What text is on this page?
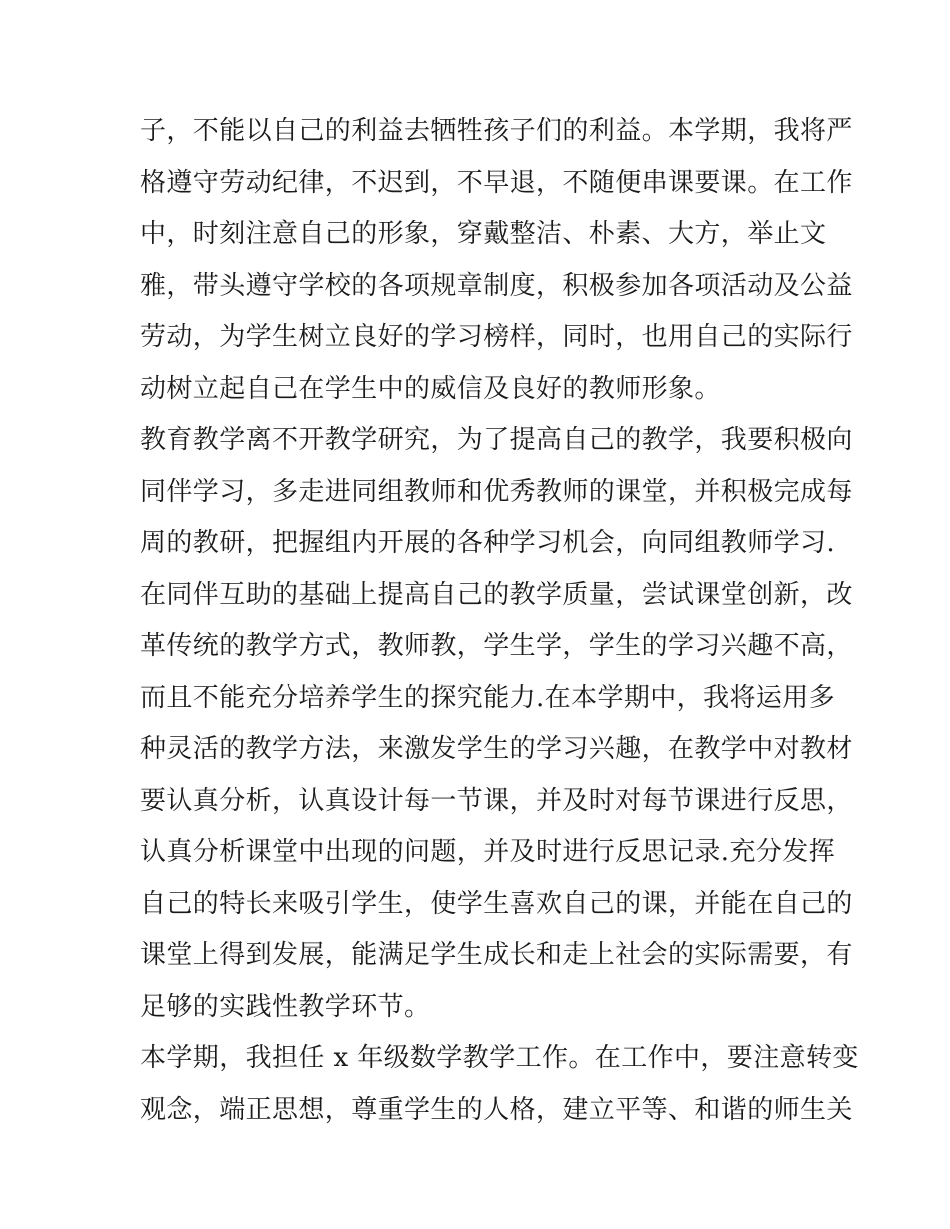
子，不能以自己的利益去牺牲孩子们的利益。本学期，我将严
格遵守劳动纪律，不迟到，不早退，不随便串课要课。在工作
中，时刻注意自己的形象，穿戴整洁、朴素、大方，举止文
雅，带头遵守学校的各项规章制度，积极参加各项活动及公益
劳动，为学生树立良好的学习榜样，同时，也用自己的实际行
动树立起自己在学生中的威信及良好的教师形象。
教育教学离不开教学研究，为了提高自己的教学，我要积极向
同伴学习，多走进同组教师和优秀教师的课堂，并积极完成每
周的教研，把握组内开展的各种学习机会，向同组教师学习.
在同伴互助的基础上提高自己的教学质量，尝试课堂创新，改
革传统的教学方式，教师教，学生学，学生的学习兴趣不高，
而且不能充分培养学生的探究能力.在本学期中，我将运用多
种灵活的教学方法，来激发学生的学习兴趣，在教学中对教材
要认真分析，认真设计每一节课，并及时对每节课进行反思，
认真分析课堂中出现的问题，并及时进行反思记录.充分发挥
自己的特长来吸引学生，使学生喜欢自己的课，并能在自己的
课堂上得到发展，能满足学生成长和走上社会的实际需要，有
足够的实践性教学环节。
本学期，我担任 x 年级数学教学工作。在工作中，要注意转变
观念，端正思想，尊重学生的人格，建立平等、和谐的师生关
